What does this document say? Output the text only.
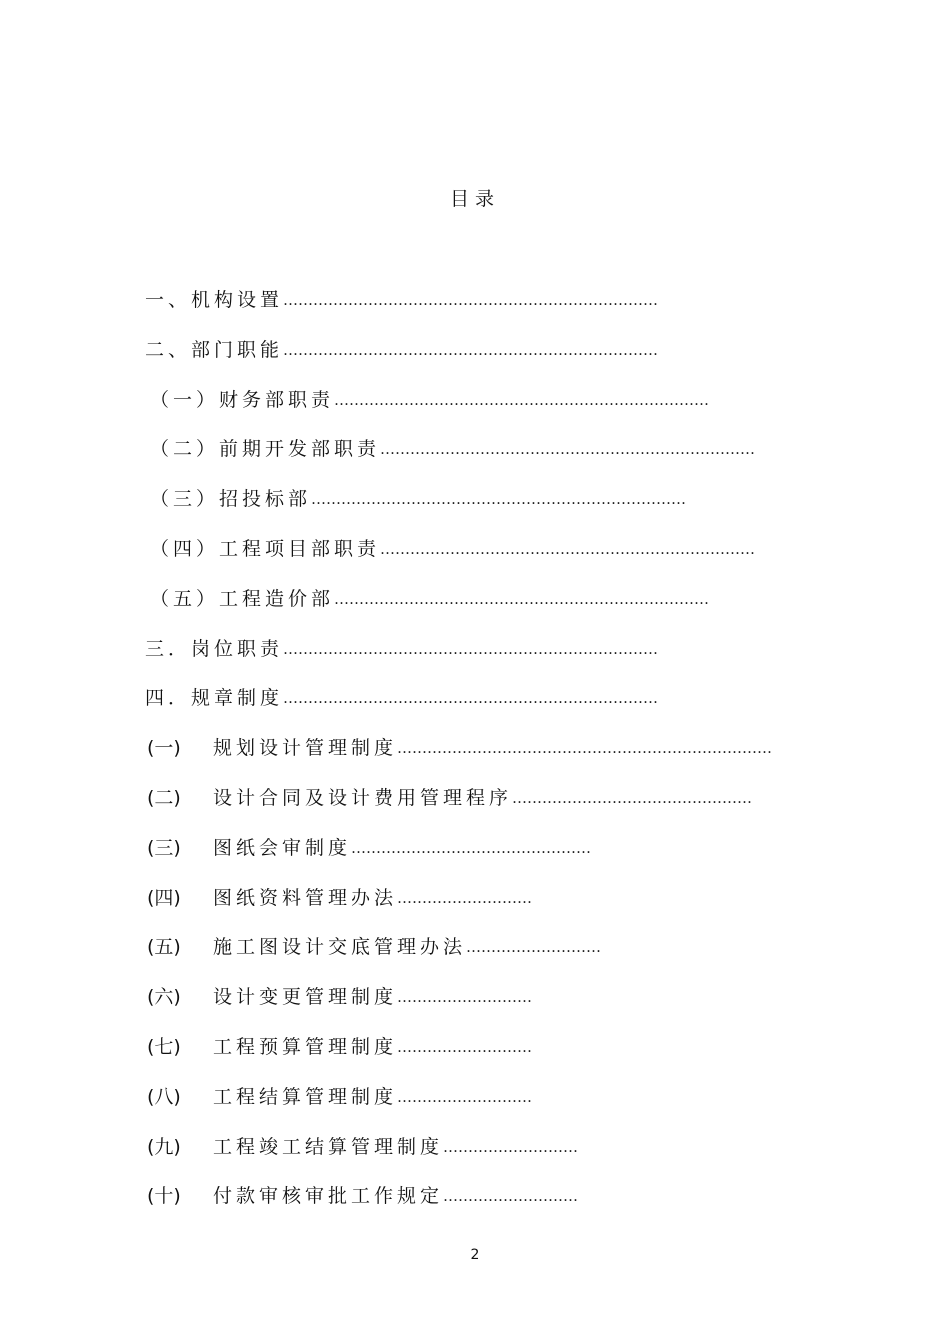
目录
一、 机构设置 …………………………………………………………………
二、 部门职能 …………………………………………………………………
（一） 财务部职责 …………………………………………………………………
（二） 前期开发部职责 …………………………………………………………………
（三） 招投标部 …………………………………………………………………
（四） 工程项目部职责 …………………………………………………………………
（五） 工程造价部 …………………………………………………………………
三． 岗位职责 …………………………………………………………………
四． 规章制度 …………………………………………………………………
(一)	规划设计管理制度 …………………………………………………………………
(二)	设计合同及设计费用管理程序 …………………………………………
(三)	图纸会审制度 …………………………………………
(四)	图纸资料管理办法 ………………………
(五)	施工图设计交底管理办法 ………………………
(六)	设计变更管理制度 ………………………
(七)	工程预算管理制度 ………………………
(八)	工程结算管理制度 ………………………
(九)	工程竣工结算管理制度 ………………………
(十)	付款审核审批工作规定 ………………………
2
